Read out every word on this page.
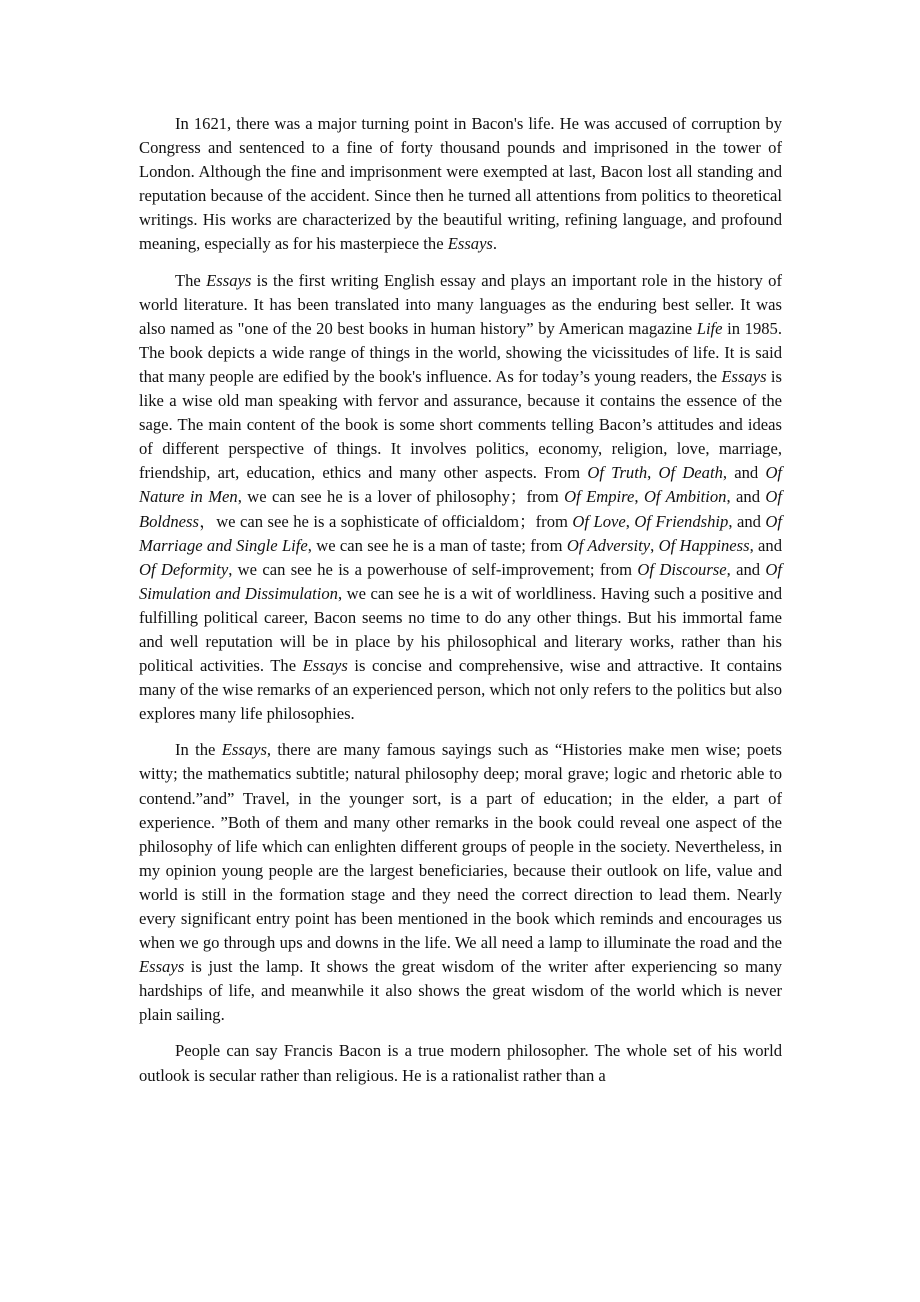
In 1621, there was a major turning point in Bacon's life. He was accused of corruption by Congress and sentenced to a fine of forty thousand pounds and imprisoned in the tower of London. Although the fine and imprisonment were exempted at last, Bacon lost all standing and reputation because of the accident. Since then he turned all attentions from politics to theoretical writings. His works are characterized by the beautiful writing, refining language, and profound meaning, especially as for his masterpiece the Essays.

The Essays is the first writing English essay and plays an important role in the history of world literature. It has been translated into many languages as the enduring best seller. It was also named as "one of the 20 best books in human history” by American magazine Life in 1985. The book depicts a wide range of things in the world, showing the vicissitudes of life. It is said that many people are edified by the book's influence. As for today’s young readers, the Essays is like a wise old man speaking with fervor and assurance, because it contains the essence of the sage. The main content of the book is some short comments telling Bacon’s attitudes and ideas of different perspective of things. It involves politics, economy, religion, love, marriage, friendship, art, education, ethics and many other aspects. From Of Truth, Of Death, and Of Nature in Men, we can see he is a lover of philosophy；from Of Empire, Of Ambition, and Of Boldness，we can see he is a sophisticate of officialdom；from Of Love, Of Friendship, and Of Marriage and Single Life, we can see he is a man of taste; from Of Adversity, Of Happiness, and Of Deformity, we can see he is a powerhouse of self-improvement; from Of Discourse, and Of Simulation and Dissimulation, we can see he is a wit of worldliness. Having such a positive and fulfilling political career, Bacon seems no time to do any other things. But his immortal fame and well reputation will be in place by his philosophical and literary works, rather than his political activities. The Essays is concise and comprehensive, wise and attractive. It contains many of the wise remarks of an experienced person, which not only refers to the politics but also explores many life philosophies.

In the Essays, there are many famous sayings such as “Histories make men wise; poets witty; the mathematics subtitle; natural philosophy deep; moral grave; logic and rhetoric able to contend.”and” Travel, in the younger sort, is a part of education; in the elder, a part of experience. ”Both of them and many other remarks in the book could reveal one aspect of the philosophy of life which can enlighten different groups of people in the society. Nevertheless, in my opinion young people are the largest beneficiaries, because their outlook on life, value and world is still in the formation stage and they need the correct direction to lead them. Nearly every significant entry point has been mentioned in the book which reminds and encourages us when we go through ups and downs in the life. We all need a lamp to illuminate the road and the Essays is just the lamp. It shows the great wisdom of the writer after experiencing so many hardships of life, and meanwhile it also shows the great wisdom of the world which is never plain sailing.

People can say Francis Bacon is a true modern philosopher. The whole set of his world outlook is secular rather than religious. He is a rationalist rather than a
